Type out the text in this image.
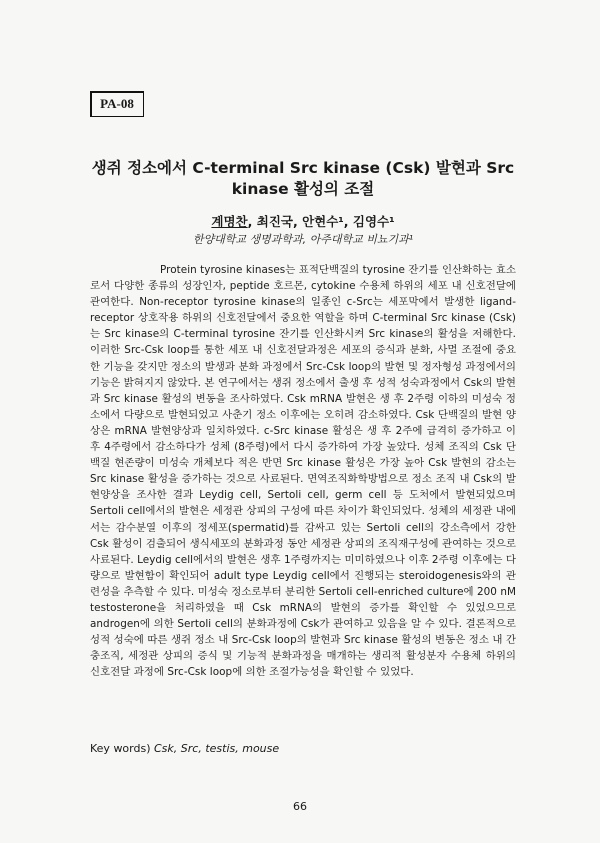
PA-08
생쥐 정소에서 C-terminal Src kinase (Csk) 발현과 Src kinase 활성의 조절
계명찬, 최진국, 안현수¹, 김영수¹
한양대학교 생명과학과, 아주대학교 비뇨기과¹

Protein tyrosine kinases는 표적단백질의 tyrosine 잔기를 인산화하는 효소로서 다양한 종류의 성장인자, peptide 호르몬, cytokine 수용체 하위의 세포 내 신호전달에 관여한다. Non-receptor tyrosine kinase의 일종인 c-Src는 세포막에서 발생한 ligand-receptor 상호작용 하위의 신호전달에서 중요한 역할을 하며 C-terminal Src kinase (Csk)는 Src kinase의 C-terminal tyrosine 잔기를 인산화시켜 Src kinase의 활성을 저해한다. 이러한 Src-Csk loop를 통한 세포 내 신호전달과정은 세포의 증식과 분화, 사멸 조절에 중요한 기능을 갖지만 정소의 발생과 분화 과정에서 Src-Csk loop의 발현 및 정자형성 과정에서의 기능은 밝혀지지 않았다. 본 연구에서는 생쥐 정소에서 출생 후 성적 성숙과정에서 Csk의 발현과 Src kinase 활성의 변동을 조사하였다. Csk mRNA 발현은 생 후 2주령 이하의 미성숙 정소에서 다량으로 발현되었고 사춘기 정소 이후에는 오히려 감소하였다. Csk 단백질의 발현 양상은 mRNA 발현양상과 일치하였다. c-Src kinase 활성은 생 후 2주에 급격히 증가하고 이 후 4주령에서 감소하다가 성체 (8주령)에서 다시 증가하여 가장 높았다. 성체 조직의 Csk 단백질 현존량이 미성숙 개체보다 적은 반면 Src kinase 활성은 가장 높아 Csk 발현의 감소는 Src kinase 활성을 증가하는 것으로 사료된다. 면역조직화학방법으로 정소 조직 내 Csk의 발현양상을 조사한 결과 Leydig cell, Sertoli cell, germ cell 등 도처에서 발현되었으며 Sertoli cell에서의 발현은 세정관 상피의 구성에 따른 차이가 확인되었다. 성체의 세정관 내에서는 감수분열 이후의 정세포(spermatid)를 감싸고 있는 Sertoli cell의 강소측에서 강한 Csk 활성이 검출되어 생식세포의 분화과정 동안 세정관 상피의 조직재구성에 관여하는 것으로 사료된다. Leydig cell에서의 발현은 생후 1주령까지는 미미하였으나 이후 2주령 이후에는 다량으로 발현함이 확인되어 adult type Leydig cell에서 진행되는 steroidogenesis와의 관련성을 추측할 수 있다. 미성숙 정소로부터 분리한 Sertoli cell-enriched culture에 200 nM testosterone을 처리하였을 때 Csk mRNA의 발현의 증가를 확인할 수 있었으므로 androgen에 의한 Sertoli cell의 분화과정에 Csk가 관여하고 있음을 알 수 있다. 결론적으로 성적 성숙에 따른 생쥐 정소 내 Src-Csk loop의 발현과 Src kinase 활성의 변동은 정소 내 간충조직, 세정관 상피의 증식 및 기능적 분화과정을 매개하는 생리적 활성분자 수용체 하위의 신호전달 과정에 Src-Csk loop에 의한 조절가능성을 확인할 수 있었다.

Key words) Csk, Src, testis, mouse
66
